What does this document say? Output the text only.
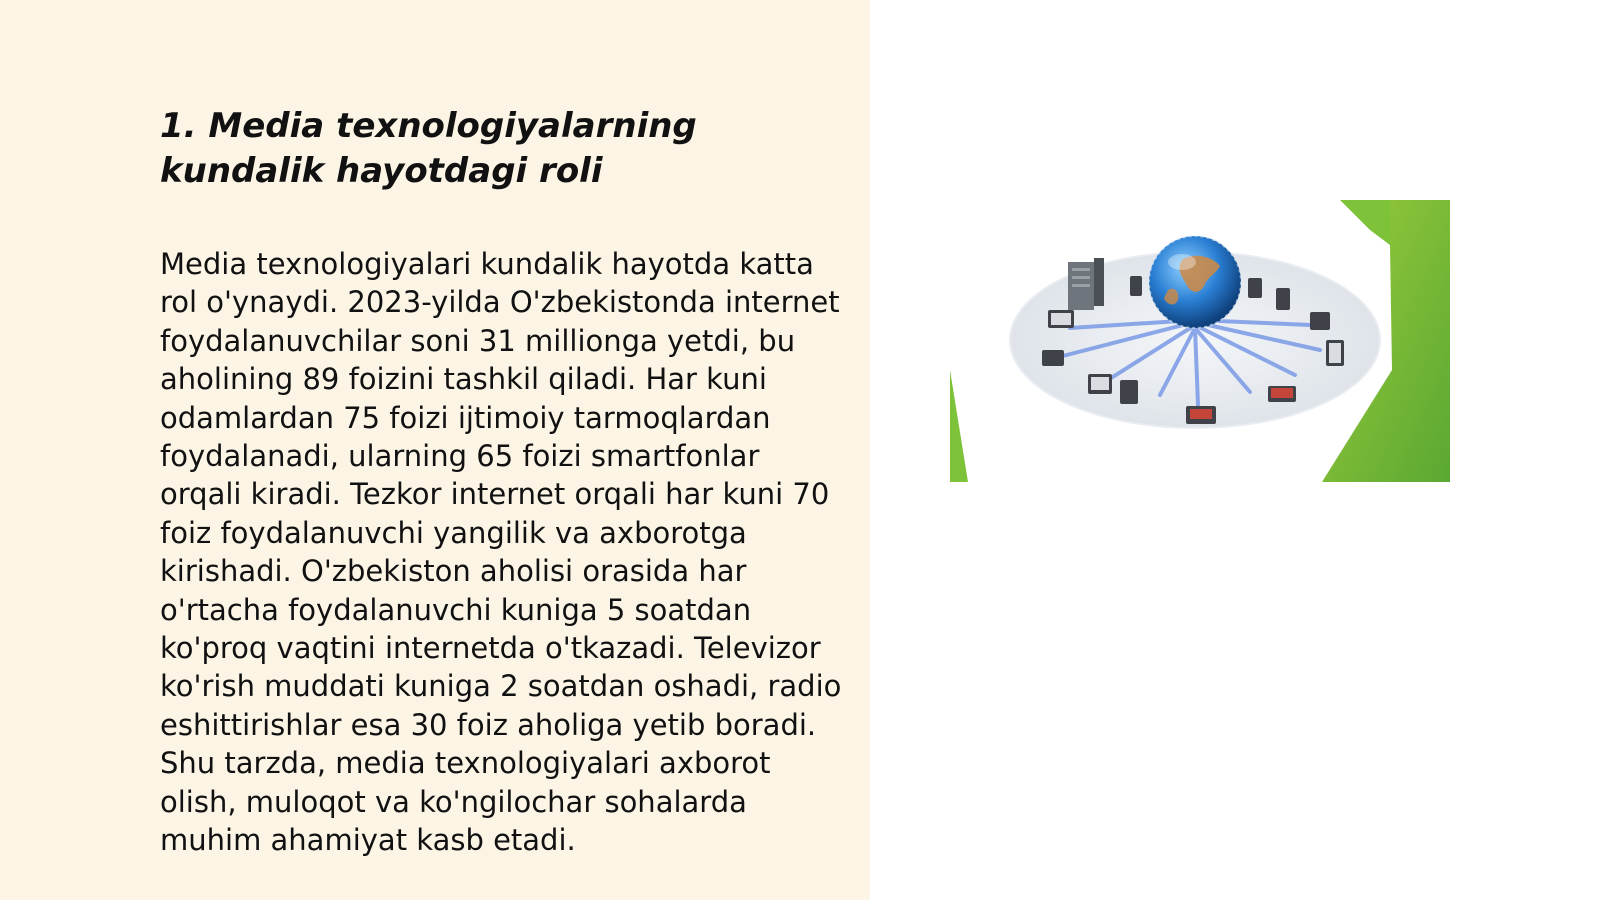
1. Media texnologiyalarning kundalik hayotdagi roli

Media texnologiyalari kundalik hayotda katta rol o'ynaydi. 2023-yilda O'zbekistonda internet foydalanuvchilar soni 31 millionga yetdi, bu aholining 89 foizini tashkil qiladi. Har kuni odamlardan 75 foizi ijtimoiy tarmoqlardan foydalanadi, ularning 65 foizi smartfonlar orqali kiradi. Tezkor internet orqali har kuni 70 foiz foydalanuvchi yangilik va axborotga kirishadi. O'zbekiston aholisi orasida har o'rtacha foydalanuvchi kuniga 5 soatdan ko'proq vaqtini internetda o'tkazadi. Televizor ko'rish muddati kuniga 2 soatdan oshadi, radio eshittirishlar esa 30 foiz aholiga yetib boradi. Shu tarzda, media texnologiyalari axborot olish, muloqot va ko'ngilochar sohalarda muhim ahamiyat kasb etadi.
